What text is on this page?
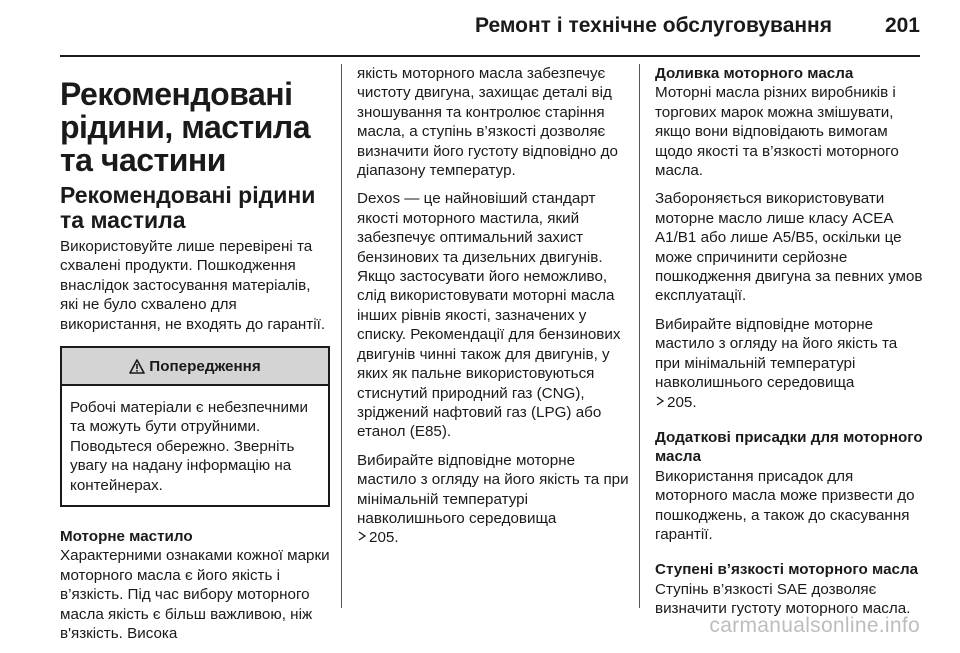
Ремонт і технічне обслуговування	201
Рекомендовані рідини, мастила та частини
Рекомендовані рідини та мастила

Використовуйте лише перевірені та схвалені продукти. Пошкодження внаслідок застосування матеріалів, які не було схвалено для використання, не входять до гарантії.

Попередження
Робочі матеріали є небезпечними та можуть бути отруйними. Поводьтеся обережно. Зверніть увагу на надану інформацію на контейнерах.
Моторне мастило

Характерними ознаками кожної марки моторного масла є його якість і в’язкість. Під час вибору моторного масла якість є більш важливою, ніж в'язкість. Висока

якість моторного масла забезпечує чистоту двигуна, захищає деталі від зношування та контролює старіння масла, а ступінь в’язкості дозволяє визначити його густоту відповідно до діапазону температур.

Dexos — це найновіший стандарт якості моторного мастила, який забезпечує оптимальний захист бензинових та дизельних двигунів. Якщо застосувати його неможливо, слід використовувати моторні масла інших рівнів якості, зазначених у списку. Рекомендації для бензинових двигунів чинні також для двигунів, у яких як пальне використовуються стиснутий природний газ (CNG), зріджений нафтовий газ (LPG) або етанол (E85).

Вибирайте відповідне моторне мастило з огляду на його якість та при мінімальній температурі навколишнього середовища
205.

Доливка моторного масла

Моторні масла різних виробників і торгових марок можна змішувати, якщо вони відповідають вимогам щодо якості та в’язкості моторного масла.

Забороняється використовувати моторне масло лише класу ACEA A1/B1 або лише A5/B5, оскільки це може спричинити серйозне пошкодження двигуна за певних умов експлуатації.

Вибирайте відповідне моторне мастило з огляду на його якість та при мінімальній температурі навколишнього середовища
205.

Додаткові присадки для моторного масла

Використання присадок для моторного масла може призвести до пошкоджень, а також до скасування гарантії.

Ступені в’язкості моторного масла

Ступінь в’язкості SAE дозволяє визначити густоту моторного масла.

carmanualsonline.info
